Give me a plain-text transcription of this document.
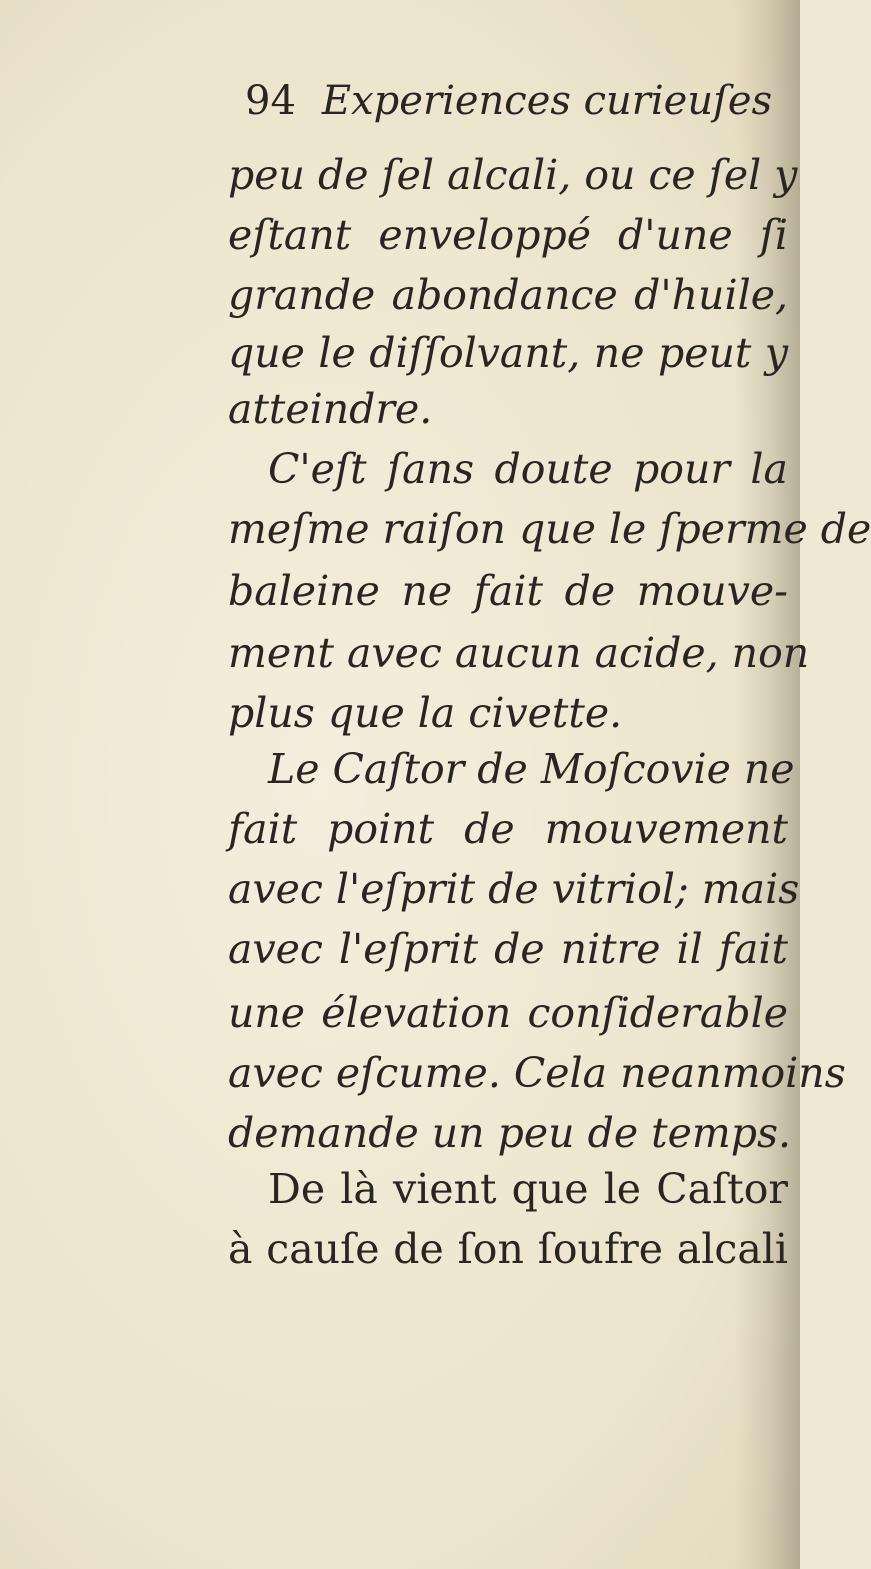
94 Experiences curieuſes
peu de ſel alcali, ou ce ſel y
eſtant enveloppé d'une ſi
grande abondance d'huile,
que le diſſolvant, ne peut y
atteindre.
C'eſt ſans doute pour la
meſme raiſon que le ſperme de
baleine ne fait de mouve-
ment avec aucun acide, non
plus que la civette.
Le Caſtor de Moſcovie ne
fait point de mouvement
avec l'eſprit de vitriol; mais
avec l'eſprit de nitre il fait
une élevation conſiderable
avec eſcume. Cela neanmoins
demande un peu de temps.
De là vient que le Caſtor
à cauſe de ſon ſoufre alcali
